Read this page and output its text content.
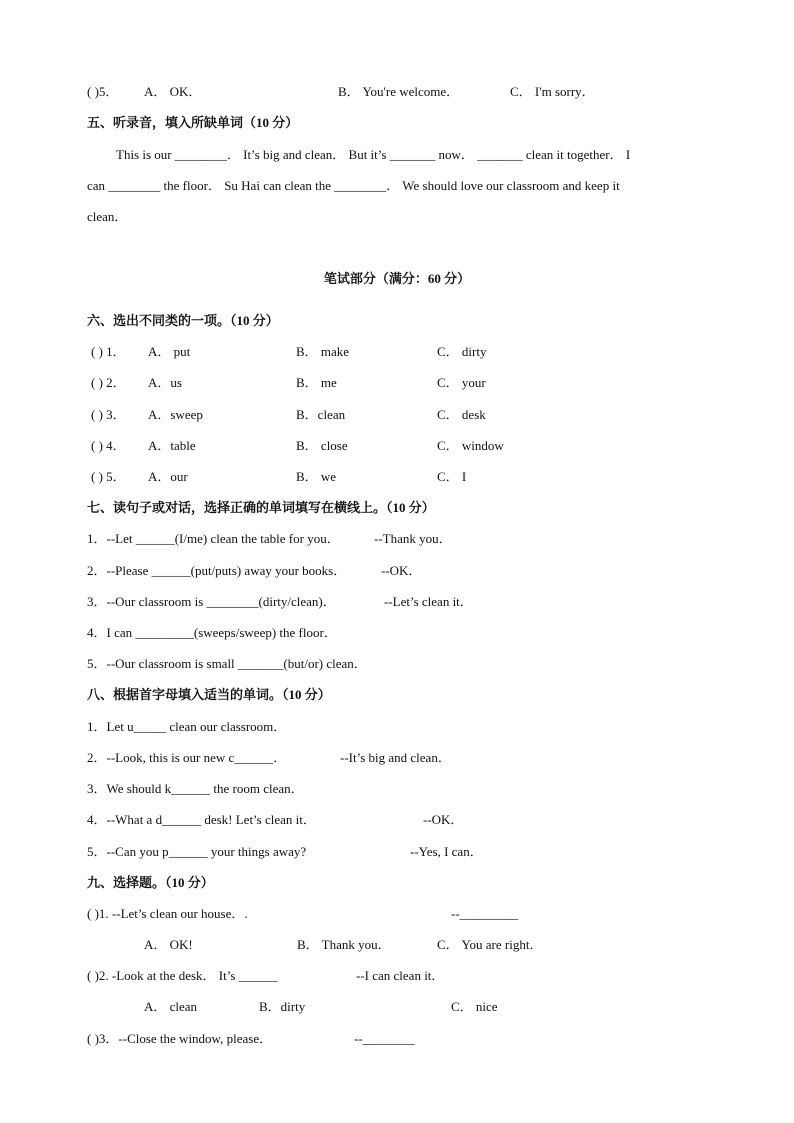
( )5． A． OK．	B． You're welcome．	C． I'm sorry．
五、听录音，填入所缺单词（10 分）
This is our ________． It’s big and clean． But it’s _______ now． _______ clean it together． I
can ________ the floor． Su Hai can clean the ________． We should love our classroom and keep it
clean．
笔试部分（满分：60 分）
六、选出不同类的一项。（10 分）
( ) 1． A． put	B． make	C． dirty
( ) 2． A．us	B． me	C． your
( ) 3． A．sweep	B．clean	C． desk
( ) 4． A．table	B． close	C． window
( ) 5． A．our	B． we	C． I
七、读句子或对话，选择正确的单词填写在横线上。（10 分）
1．--Let ______(I/me) clean the table for you．	--Thank you．
2．--Please ______(put/puts) away your books．	--OK．
3．--Our classroom is ________(dirty/clean)．	--Let’s clean it．
4．I can _________(sweeps/sweep) the floor．
5．--Our classroom is small _______(but/or) clean．
八、根据首字母填入适当的单词。（10 分）
1．Let u_____ clean our classroom．
2．--Look, this is our new c______．	--It’s big and clean．
3．We should k______ the room clean．
4．--What a d______ desk! Let’s clean it．	--OK．
5．--Can you p______ your things away?	--Yes, I can．
九、选择题。（10 分）
( )1. --Let’s clean our house．.	--_________
A． OK!	B． Thank you．	C． You are right．
( )2. -Look at the desk． It’s ______	--I can clean it．
A． clean	B．dirty	C． nice
( )3．--Close the window, please．	--________
